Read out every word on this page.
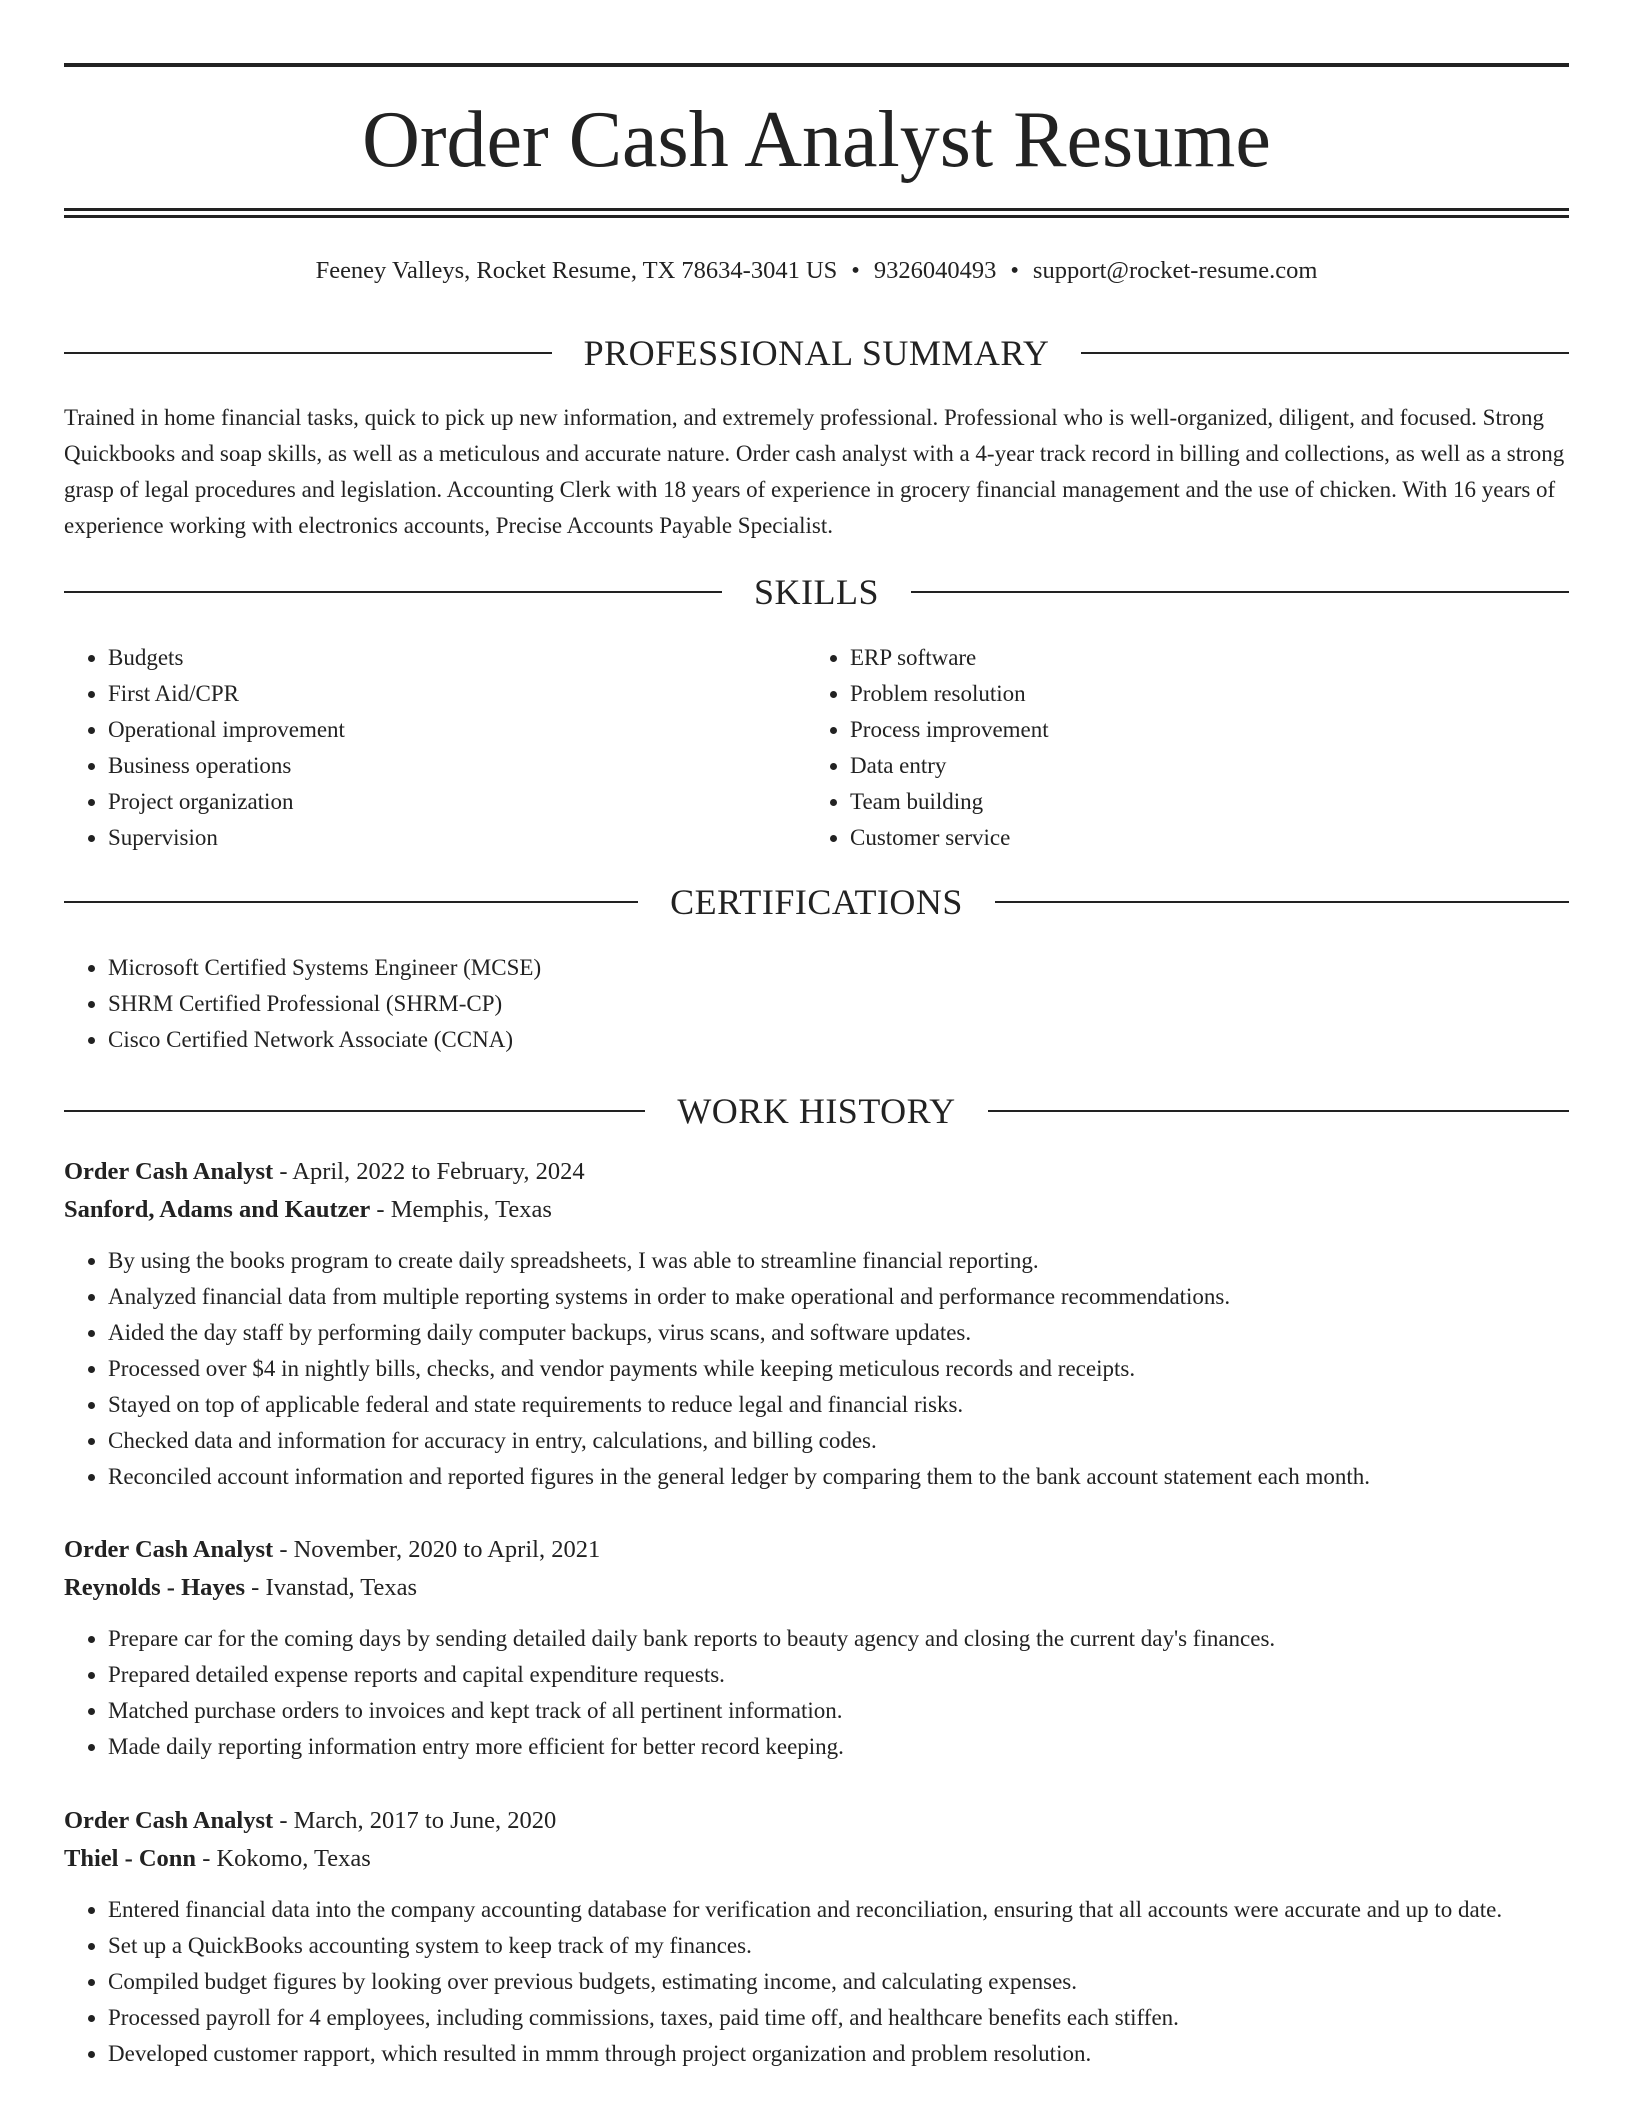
Order Cash Analyst Resume
Feeney Valleys, Rocket Resume, TX 78634-3041 US • 9326040493 • support@rocket-resume.com
PROFESSIONAL SUMMARY

Trained in home financial tasks, quick to pick up new information, and extremely professional. Professional who is well-organized, diligent, and focused. Strong Quickbooks and soap skills, as well as a meticulous and accurate nature. Order cash analyst with a 4-year track record in billing and collections, as well as a strong grasp of legal procedures and legislation. Accounting Clerk with 18 years of experience in grocery financial management and the use of chicken. With 16 years of experience working with electronics accounts, Precise Accounts Payable Specialist.

SKILLS
• Budgets
• First Aid/CPR
• Operational improvement
• Business operations
• Project organization
• Supervision
• ERP software
• Problem resolution
• Process improvement
• Data entry
• Team building
• Customer service
CERTIFICATIONS
• Microsoft Certified Systems Engineer (MCSE)
• SHRM Certified Professional (SHRM-CP)
• Cisco Certified Network Associate (CCNA)
WORK HISTORY
Order Cash Analyst - April, 2022 to February, 2024
Sanford, Adams and Kautzer - Memphis, Texas
• By using the books program to create daily spreadsheets, I was able to streamline financial reporting.
• Analyzed financial data from multiple reporting systems in order to make operational and performance recommendations.
• Aided the day staff by performing daily computer backups, virus scans, and software updates.
• Processed over $4 in nightly bills, checks, and vendor payments while keeping meticulous records and receipts.
• Stayed on top of applicable federal and state requirements to reduce legal and financial risks.
• Checked data and information for accuracy in entry, calculations, and billing codes.
• Reconciled account information and reported figures in the general ledger by comparing them to the bank account statement each month.
Order Cash Analyst - November, 2020 to April, 2021
Reynolds - Hayes - Ivanstad, Texas
• Prepare car for the coming days by sending detailed daily bank reports to beauty agency and closing the current day's finances.
• Prepared detailed expense reports and capital expenditure requests.
• Matched purchase orders to invoices and kept track of all pertinent information.
• Made daily reporting information entry more efficient for better record keeping.
Order Cash Analyst - March, 2017 to June, 2020
Thiel - Conn - Kokomo, Texas
• Entered financial data into the company accounting database for verification and reconciliation, ensuring that all accounts were accurate and up to date.
• Set up a QuickBooks accounting system to keep track of my finances.
• Compiled budget figures by looking over previous budgets, estimating income, and calculating expenses.
• Processed payroll for 4 employees, including commissions, taxes, paid time off, and healthcare benefits each stiffen.
• Developed customer rapport, which resulted in mmm through project organization and problem resolution.
